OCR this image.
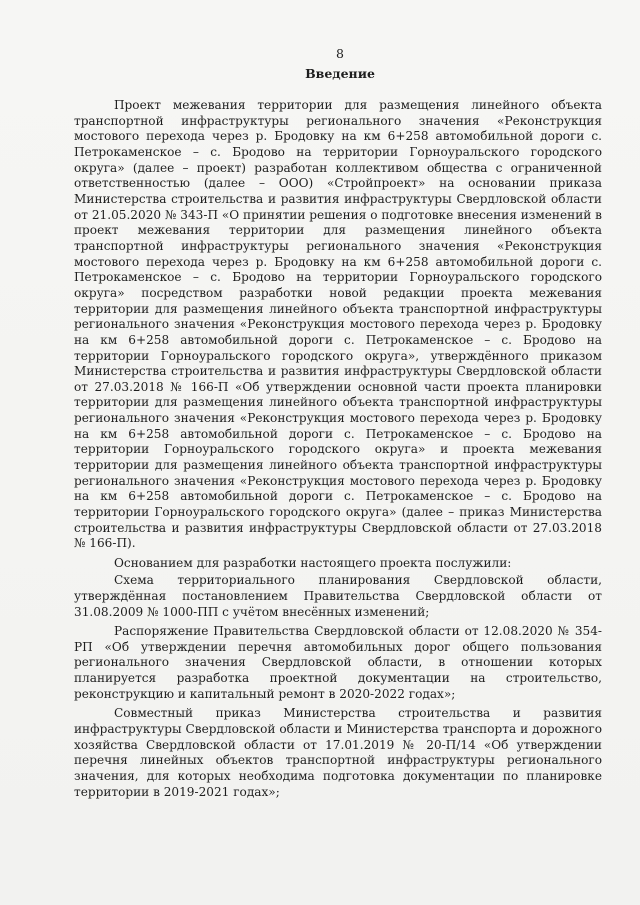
8
Введение

Проект межевания территории для размещения линейного объекта транспортной инфраструктуры регионального значения «Реконструкция мостового перехода через р. Бродовку на км 6+258 автомобильной дороги с. Петрокаменское – с. Бродово на территории Горноуральского городского округа» (далее – проект) разработан коллективом общества с ограниченной ответственностью (далее – ООО) «Стройпроект» на основании приказа Министерства строительства и развития инфраструктуры Свердловской области от 21.05.2020 № 343-П «О принятии решения о подготовке внесения изменений в проект межевания территории для размещения линейного объекта транспортной инфраструктуры регионального значения «Реконструкция мостового перехода через р. Бродовку на км 6+258 автомобильной дороги с. Петрокаменское – с. Бродово на территории Горноуральского городского округа» посредством разработки новой редакции проекта межевания территории для размещения линейного объекта транспортной инфраструктуры регионального значения «Реконструкция мостового перехода через р. Бродовку на км 6+258 автомобильной дороги с. Петрокаменское – с. Бродово на территории Горноуральского городского округа», утверждённого приказом Министерства строительства и развития инфраструктуры Свердловской области от 27.03.2018 № 166-П «Об утверждении основной части проекта планировки территории для размещения линейного объекта транспортной инфраструктуры регионального значения «Реконструкция мостового перехода через р. Бродовку на км 6+258 автомобильной дороги с. Петрокаменское – с. Бродово на территории Горноуральского городского округа» и проекта межевания территории для размещения линейного объекта транспортной инфраструктуры регионального значения «Реконструкция мостового перехода через р. Бродовку на км 6+258 автомобильной дороги с. Петрокаменское – с. Бродово на территории Горноуральского городского округа» (далее – приказ Министерства строительства и развития инфраструктуры Свердловской области от 27.03.2018 № 166-П).

Основанием для разработки настоящего проекта послужили:

Схема территориального планирования Свердловской области, утверждённая постановлением Правительства Свердловской области от 31.08.2009 № 1000-ПП с учётом внесённых изменений;

Распоряжение Правительства Свердловской области от 12.08.2020 № 354-РП «Об утверждении перечня автомобильных дорог общего пользования регионального значения Свердловской области, в отношении которых планируется разработка проектной документации на строительство, реконструкцию и капитальный ремонт в 2020-2022 годах»;

Совместный приказ Министерства строительства и развития инфраструктуры Свердловской области и Министерства транспорта и дорожного хозяйства Свердловской области от 17.01.2019 № 20-П/14 «Об утверждении перечня линейных объектов транспортной инфраструктуры регионального значения, для которых необходима подготовка документации по планировке территории в 2019-2021 годах»;
